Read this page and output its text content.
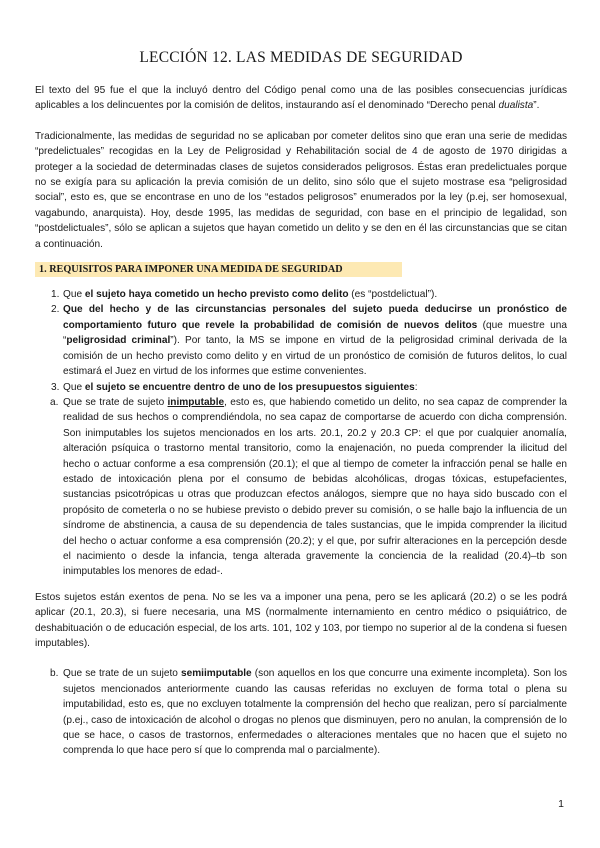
LECCIÓN 12. LAS MEDIDAS DE SEGURIDAD

El texto del 95 fue el que la incluyó dentro del Código penal como una de las posibles consecuencias jurídicas aplicables a los delincuentes por la comisión de delitos, instaurando así el denominado “Derecho penal dualista”.

Tradicionalmente, las medidas de seguridad no se aplicaban por cometer delitos sino que eran una serie de medidas “predelictuales” recogidas en la Ley de Peligrosidad y Rehabilitación social de 4 de agosto de 1970 dirigidas a proteger a la sociedad de determinadas clases de sujetos considerados peligrosos. Éstas eran predelictuales porque no se exigía para su aplicación la previa comisión de un delito, sino sólo que el sujeto mostrase esa “peligrosidad social”, esto es, que se encontrase en uno de los “estados peligrosos” enumerados por la ley (p.ej, ser homosexual, vagabundo, anarquista). Hoy, desde 1995, las medidas de seguridad, con base en el principio de legalidad, son “postdelictuales”, sólo se aplican a sujetos que hayan cometido un delito y se den en él las circunstancias que se citan a continuación.

1. REQUISITOS PARA IMPONER UNA MEDIDA DE SEGURIDAD
1. Que el sujeto haya cometido un hecho previsto como delito (es “postdelictual”).
2. Que del hecho y de las circunstancias personales del sujeto pueda deducirse un pronóstico de comportamiento futuro que revele la probabilidad de comisión de nuevos delitos (que muestre una “peligrosidad criminal”). Por tanto, la MS se impone en virtud de la peligrosidad criminal derivada de la comisión de un hecho previsto como delito y en virtud de un pronóstico de comisión de futuros delitos, lo cual estimará el Juez en virtud de los informes que estime convenientes.
3. Que el sujeto se encuentre dentro de uno de los presupuestos siguientes:
a. Que se trate de sujeto inimputable, esto es, que habiendo cometido un delito, no sea capaz de comprender la realidad de sus hechos o comprendiéndola, no sea capaz de comportarse de acuerdo con dicha comprensión. Son inimputables los sujetos mencionados en los arts. 20.1, 20.2 y 20.3 CP: el que por cualquier anomalía, alteración psíquica o trastorno mental transitorio, como la enajenación, no pueda comprender la ilicitud del hecho o actuar conforme a esa comprensión (20.1); el que al tiempo de cometer la infracción penal se halle en estado de intoxicación plena por el consumo de bebidas alcohólicas, drogas tóxicas, estupefacientes, sustancias psicotrópicas u otras que produzcan efectos análogos, siempre que no haya sido buscado con el propósito de cometerla o no se hubiese previsto o debido prever su comisión, o se halle bajo la influencia de un síndrome de abstinencia, a causa de su dependencia de tales sustancias, que le impida comprender la ilicitud del hecho o actuar conforme a esa comprensión (20.2); y el que, por sufrir alteraciones en la percepción desde el nacimiento o desde la infancia, tenga alterada gravemente la conciencia de la realidad (20.4)–tb son inimputables los menores de edad-.

Estos sujetos están exentos de pena. No se les va a imponer una pena, pero se les aplicará (20.2) o se les podrá aplicar (20.1, 20.3), si fuere necesaria, una MS (normalmente internamiento en centro médico o psiquiátrico, de deshabituación o de educación especial, de los arts. 101, 102 y 103, por tiempo no superior al de la condena si fuesen imputables).

b. Que se trate de un sujeto semiimputable (son aquellos en los que concurre una eximente incompleta). Son los sujetos mencionados anteriormente cuando las causas referidas no excluyen de forma total o plena su imputabilidad, esto es, que no excluyen totalmente la comprensión del hecho que realizan, pero sí parcialmente (p.ej., caso de intoxicación de alcohol o drogas no plenos que disminuyen, pero no anulan, la comprensión de lo que se hace, o casos de trastornos, enfermedades o alteraciones mentales que no hacen que el sujeto no comprenda lo que hace pero sí que lo comprenda mal o parcialmente).
1
